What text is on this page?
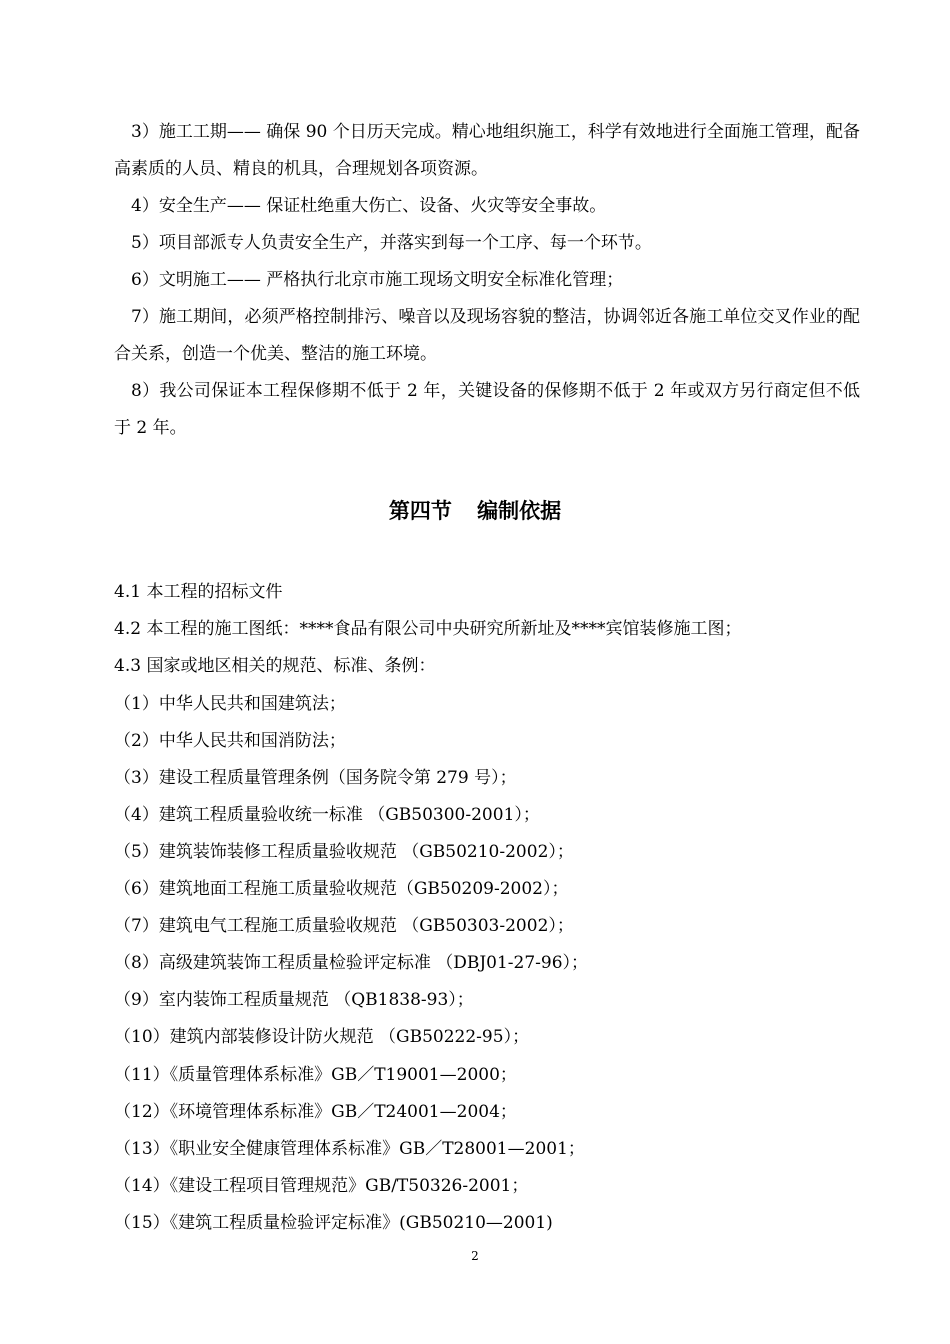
3）施工工期—— 确保 90 个日历天完成。精心地组织施工，科学有效地进行全面施工管理，配备高素质的人员、精良的机具，合理规划各项资源。

4）安全生产—— 保证杜绝重大伤亡、设备、火灾等安全事故。

5）项目部派专人负责安全生产，并落实到每一个工序、每一个环节。

6）文明施工—— 严格执行北京市施工现场文明安全标准化管理；

7）施工期间，必须严格控制排污、噪音以及现场容貌的整洁，协调邻近各施工单位交叉作业的配合关系，创造一个优美、整洁的施工环境。

8）我公司保证本工程保修期不低于 2 年，关键设备的保修期不低于 2 年或双方另行商定但不低于 2 年。

第四节 编制依据

4.1 本工程的招标文件

4.2 本工程的施工图纸：****食品有限公司中央研究所新址及****宾馆装修施工图；

4.3 国家或地区相关的规范、标准、条例：

（1）中华人民共和国建筑法；

（2）中华人民共和国消防法；

（3）建设工程质量管理条例（国务院令第 279 号）；

（4）建筑工程质量验收统一标准 （GB50300-2001）；

（5）建筑装饰装修工程质量验收规范 （GB50210-2002）；

（6）建筑地面工程施工质量验收规范（GB50209-2002）；

（7）建筑电气工程施工质量验收规范 （GB50303-2002）；

（8）高级建筑装饰工程质量检验评定标准 （DBJ01-27-96）；

（9）室内装饰工程质量规范 （QB1838-93）；

（10）建筑内部装修设计防火规范 （GB50222-95）；

（11）《质量管理体系标准》GB／T19001—2000；

（12）《环境管理体系标准》GB／T24001—2004；

（13）《职业安全健康管理体系标准》GB／T28001—2001；

（14）《建设工程项目管理规范》GB/T50326-2001；

（15）《建筑工程质量检验评定标准》(GB50210—2001)

2
